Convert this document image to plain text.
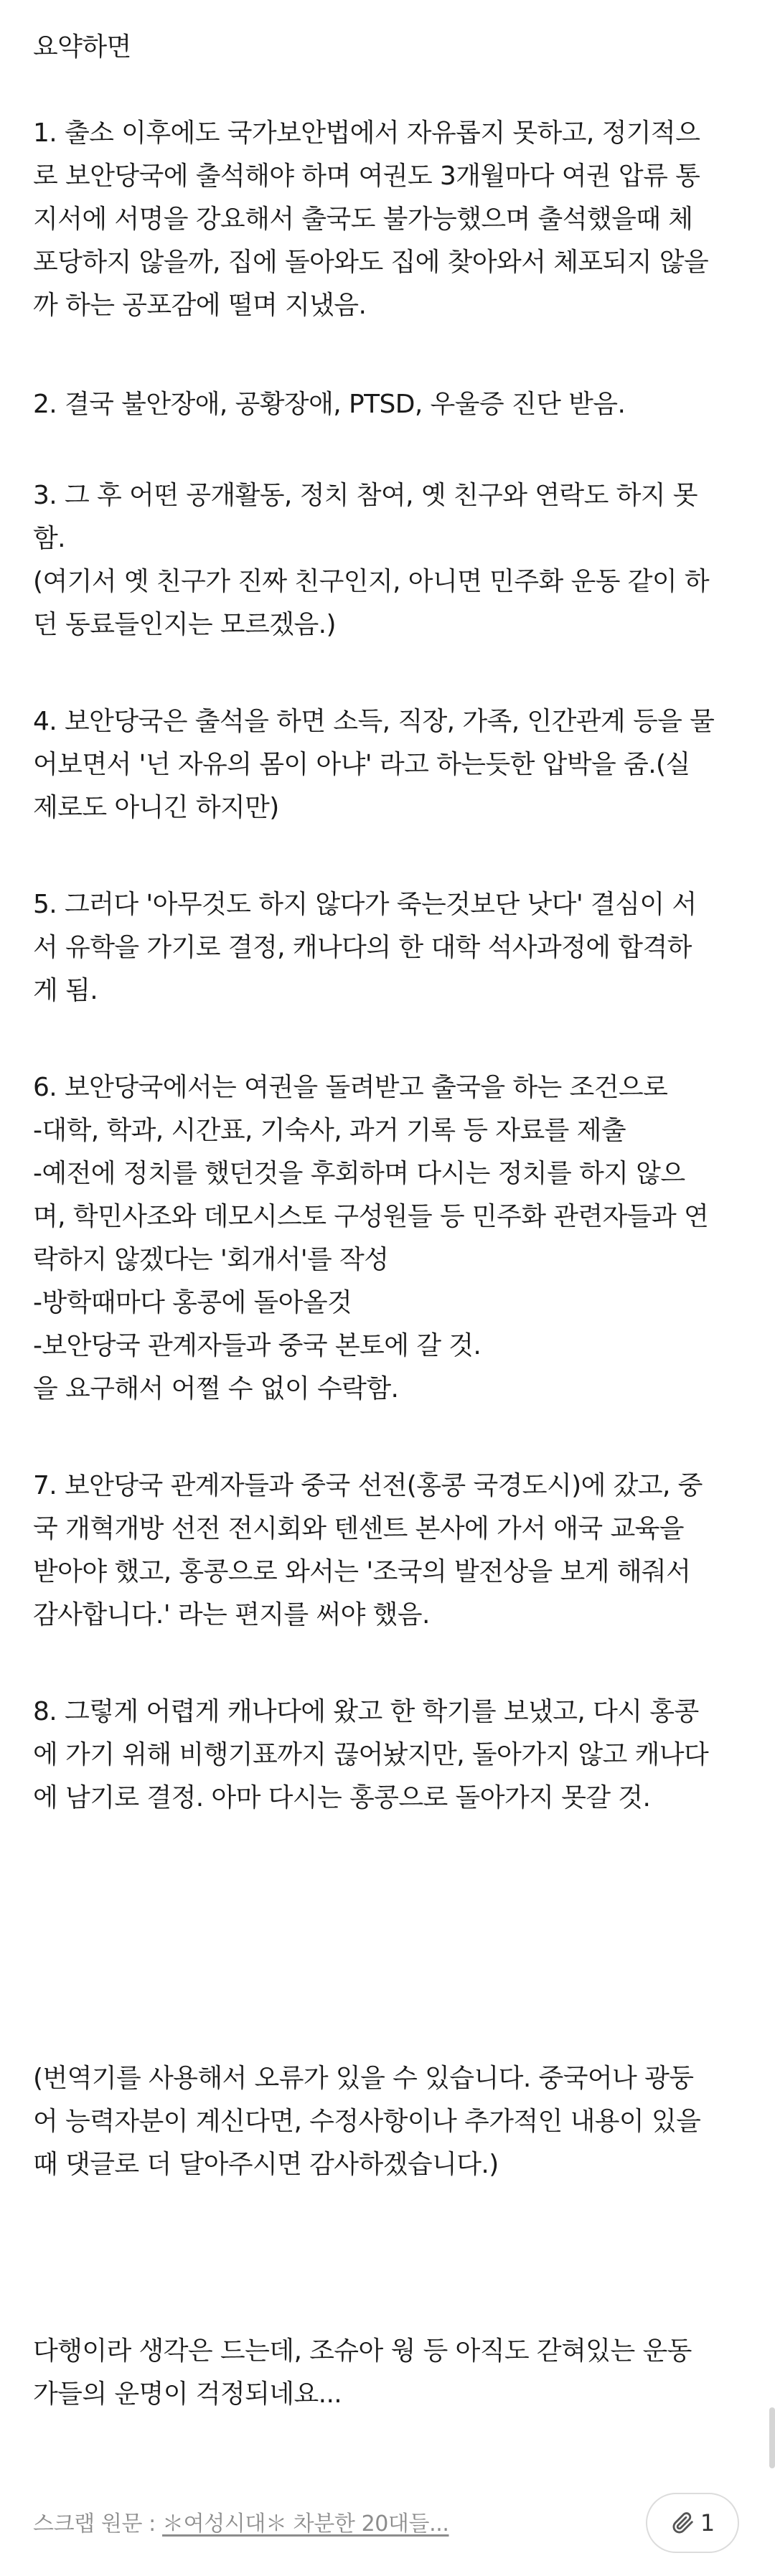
요약하면

1. 출소 이후에도 국가보안법에서 자유롭지 못하고, 정기적으

로 보안당국에 출석해야 하며 여권도 3개월마다 여권 압류 통

지서에 서명을 강요해서 출국도 불가능했으며 출석했을때 체

포당하지 않을까, 집에 돌아와도 집에 찾아와서 체포되지 않을

까 하는 공포감에 떨며 지냈음.

2. 결국 불안장애, 공황장애, PTSD, 우울증 진단 받음.

3. 그 후 어떤 공개활동, 정치 참여, 옛 친구와 연락도 하지 못

함.

(여기서 옛 친구가 진짜 친구인지, 아니면 민주화 운동 같이 하

던 동료들인지는 모르겠음.)

4. 보안당국은 출석을 하면 소득, 직장, 가족, 인간관계 등을 물

어보면서 '넌 자유의 몸이 아냐' 라고 하는듯한 압박을 줌.(실

제로도 아니긴 하지만)

5. 그러다 '아무것도 하지 않다가 죽는것보단 낫다' 결심이 서

서 유학을 가기로 결정, 캐나다의 한 대학 석사과정에 합격하

게 됨.

6. 보안당국에서는 여권을 돌려받고 출국을 하는 조건으로

-대학, 학과, 시간표, 기숙사, 과거 기록 등 자료를 제출

-예전에 정치를 했던것을 후회하며 다시는 정치를 하지 않으

며, 학민사조와 데모시스토 구성원들 등 민주화 관련자들과 연

락하지 않겠다는 '회개서'를 작성

-방학때마다 홍콩에 돌아올것

-보안당국 관계자들과 중국 본토에 갈 것.

을 요구해서 어쩔 수 없이 수락함.

7. 보안당국 관계자들과 중국 선전(홍콩 국경도시)에 갔고, 중

국 개혁개방 선전 전시회와 텐센트 본사에 가서 애국 교육을

받아야 했고, 홍콩으로 와서는 '조국의 발전상을 보게 해줘서

감사합니다.' 라는 편지를 써야 했음.

8. 그렇게 어렵게 캐나다에 왔고 한 학기를 보냈고, 다시 홍콩

에 가기 위해 비행기표까지 끊어놨지만, 돌아가지 않고 캐나다

에 남기로 결정. 아마 다시는 홍콩으로 돌아가지 못갈 것.

(번역기를 사용해서 오류가 있을 수 있습니다. 중국어나 광둥

어 능력자분이 계신다면, 수정사항이나 추가적인 내용이 있을

때 댓글로 더 달아주시면 감사하겠습니다.)

다행이라 생각은 드는데, 조슈아 웡 등 아직도 갇혀있는 운동

가들의 운명이 걱정되네요...

스크랩 원문 : ＊여성시대＊ 차분한 20대들...	1
